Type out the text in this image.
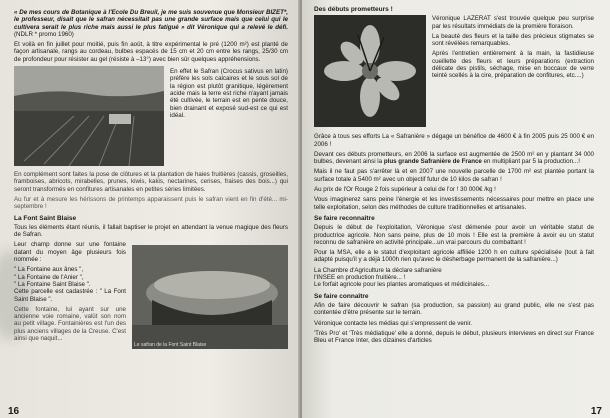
« De mes cours de Botanique à l'Ecole Du Breuil, je me suis souvenue que Monsieur BIZET*, le professeur, disait que le safran nécessitait pas une grande surface mais que celui qui le cultivera serait le plus riche mais aussi le plus fatigué » dit Véronique qui a relevé le défi. (NDLR * promo 1960)

Et voilà en fin juillet pour moitié, puis fin août, à titre expérimental le pré (1200 m²) est planté de façon artisanale, rangs au cordeau, bulbes espacés de 15 cm et 20 cm entre les rangs, 25/30 cm de profondeur pour résister au gel (résiste à –13°) avec bien sûr quelques appréhensions.

En effet le Safran (Crocus sativus en latin) préfère les sols calcaires et le sous sol de la région est plutôt granitique, légèrement acide mais la terre est riche n'ayant jamais été cultivée, le terrain est en pente douce, bien drainant et exposé sud-est ce qui est idéal.

En complément sont faites la pose de clôtures et la plantation de haies fruitières (cassis, groseilles, framboises, abricots, mirabelles, prunes, kiwis, kakis, nectarines, cerises, fraises des bois...) qui seront transformés en confitures artisanales en petites séries limitées.

Au fur et à mesure les hérissons de printemps apparaissent puis le safran vient en fin d'été... mi-septembre !

La Font Saint Blaise

Tous les éléments étant réunis, il fallait baptiser le projet en attendant la venue magique des fleurs de Safran.

Leur champ donne sur une fontaine datant du moyen âge plusieurs fois nommée :

" La Fontaine aux ânes ",
" La Fontaine de l'Anier ",
" La Fontaine Saint Blaise ".

Cette parcelle est cadastrée : " La Font Saint Blaise ".

Cette fontaine, lui ayant sur une ancienne voie romaine, valût son nom au petit village. Fontainières est l'un des plus anciens villages de la Creuse. C'est ainsi que naquit...

Le safran de la Font Saint Blaise
16
Des débuts prometteurs !

Véronique LAZERAT s'est trouvée quelque peu surprise par les résultats immédiats de la première floraison.

La beauté des fleurs et la taille des précieux stigmates se sont révélées remarquables.

Après l'entretien entièrement à la main, la fastidieuse cueillette des fleurs et leurs préparations (extraction délicate des pistils, séchage, mise en boccaux de verre teinté scellés à la cire, préparation de confitures, etc....)

Grâce à tous ses efforts La « Safranière » dégage un bénéfice de 4600 € à fin 2005 puis 25 000 € en 2006 !

Devant ces débuts prometteurs, en 2006 la surface est augmentée de 2500 m² en y plantant 34 000 bulbes, devenant ainsi la plus grande Safranière de France en multipliant par 5 la production...!

Mais il ne faut pas s'arrêter là et en 2007 une nouvelle parcelle de 1700 m² est plantée portant la surface totale à 5400 m² avec un objectif futur de 10 kilos de safran !

Au prix de l'Or Rouge 2 fois supérieur à celui de l'or ! 30 000€ /kg !

Vous imaginerez sans peine l'énergie et les investissements nécessaires pour mettre en place une telle exploitation, selon des méthodes de culture traditionnelles et artisanales.

Se faire reconnaître

Depuis le début de l'exploitation, Véronique s'est démenée pour avoir un véritable statut de productrice agricole. Non sans peine, plus de 10 mois ! Elle est la première à avoir eu un statut reconnu de safranière en activité principale...un vrai parcours du combattant !

Pour la MSA, elle a le statut d'exploitant agricole affiliée 1200 h en culture spécialisée (tout à fait adapté puisqu'il y a déjà 1000h rien qu'avec le désherbage permanent de la safranière...)

La Chambre d'Agriculture la déclare safranière

l'INSEE en production fruitière... !

Le forfait agricole pour les plantes aromatiques et médicinales...

Se faire connaître

Afin de faire découvrir le safran (sa production, sa passion) au grand public, elle ne s'est pas contentée d'être présente sur le terrain.

Véronique contacte les médias qui s'empressent de venir.

'Très Pro' et 'Très médiatique' elle a donné, depuis le début, plusieurs interviews en direct sur France Bleu et France Inter, des dizaines d'articles

17
